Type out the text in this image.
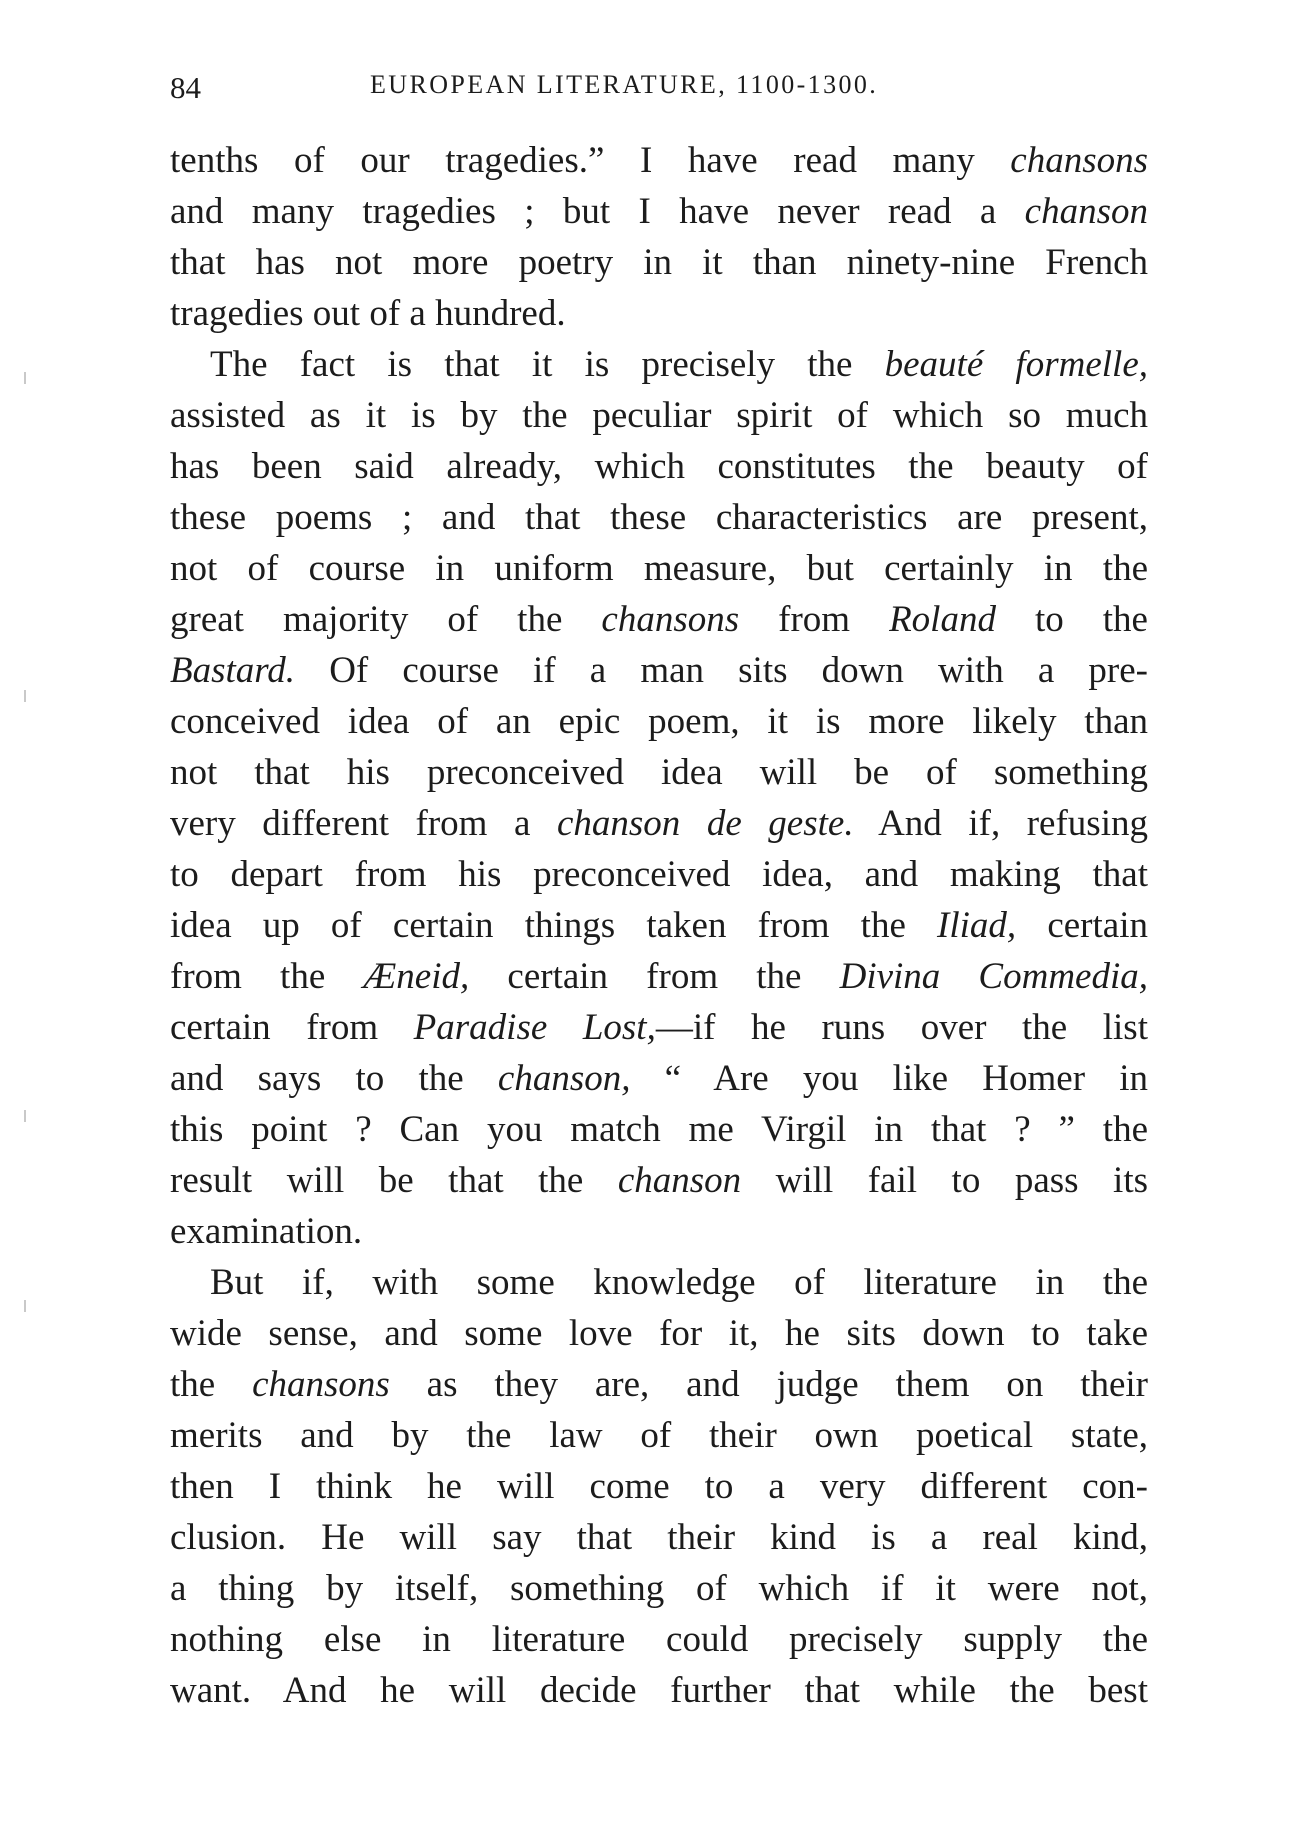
84	EUROPEAN LITERATURE, 1100-1300.
tenths of our tragedies.” I have read many chansons
and many tragedies ; but I have never read a chanson
that has not more poetry in it than ninety-nine French
tragedies out of a hundred.
The fact is that it is precisely the beauté formelle,
assisted as it is by the peculiar spirit of which so much
has been said already, which constitutes the beauty of
these poems ; and that these characteristics are present,
not of course in uniform measure, but certainly in the
great majority of the chansons from Roland to the
Bastard. Of course if a man sits down with a pre-
conceived idea of an epic poem, it is more likely than
not that his preconceived idea will be of something
very different from a chanson de geste. And if, refusing
to depart from his preconceived idea, and making that
idea up of certain things taken from the Iliad, certain
from the Æneid, certain from the Divina Commedia,
certain from Paradise Lost,—if he runs over the list
and says to the chanson, “ Are you like Homer in
this point ? Can you match me Virgil in that ? ” the
result will be that the chanson will fail to pass its
examination.
But if, with some knowledge of literature in the
wide sense, and some love for it, he sits down to take
the chansons as they are, and judge them on their
merits and by the law of their own poetical state,
then I think he will come to a very different con-
clusion. He will say that their kind is a real kind,
a thing by itself, something of which if it were not,
nothing else in literature could precisely supply the
want. And he will decide further that while the best
